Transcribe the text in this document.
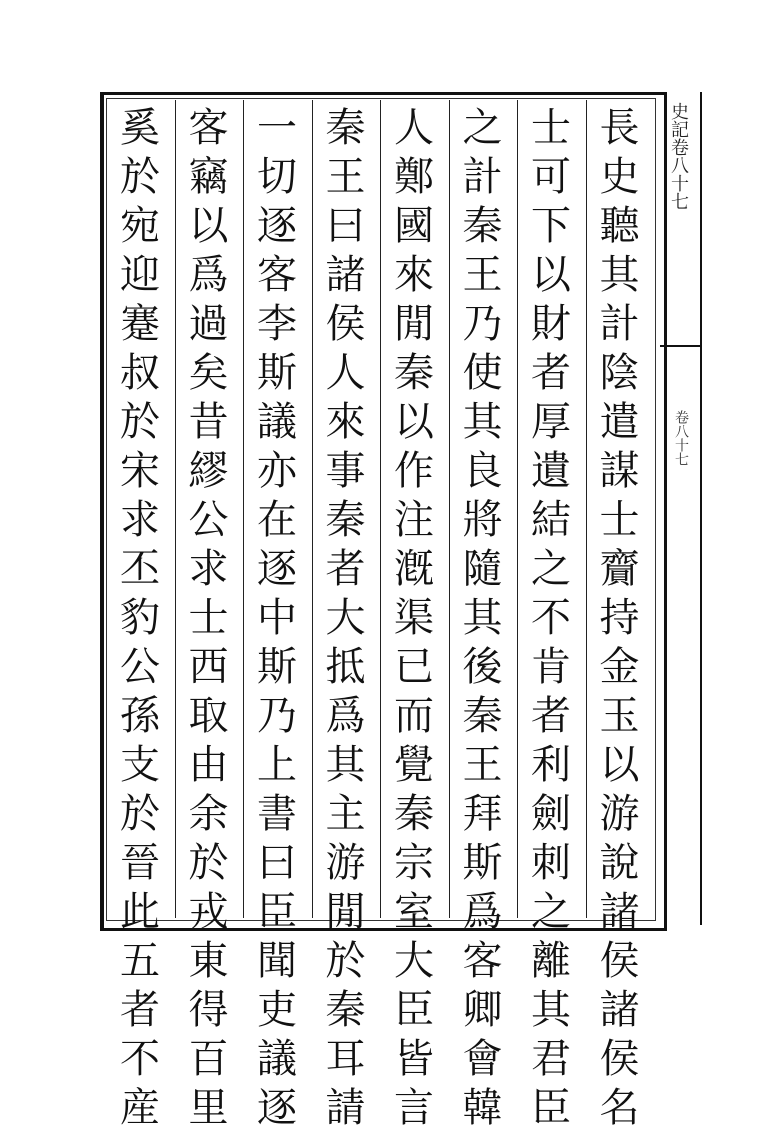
史記卷八十七
卷八十七
長
史
聽
其
計
陰
遣
謀
士
齎
持
金
玉
以
游
說
諸
侯
諸
侯
名
士
可
下
以
財
者
厚
遺
結
之
不
肯
者
利
劍
刺
之
離
其
君
臣
之
計
秦
王
乃
使
其
良
將
隨
其
後
秦
王
拜
斯
爲
客
卿
會
韓
人
鄭
國
來
閒
秦
以
作
注
漑
渠
已
而
覺
秦
宗
室
大
臣
皆
言
秦
王
曰
諸
侯
人
來
事
秦
者
大
抵
爲
其
主
游
閒
於
秦
耳
請
一
切
逐
客
李
斯
議
亦
在
逐
中
斯
乃
上
書
曰
臣
聞
吏
議
逐
客
竊
以
爲
過
矣
昔
繆
公
求
士
西
取
由
余
於
戎
東
得
百
里
奚
於
宛
迎
蹇
叔
於
宋
求
丕
豹
公
孫
支
於
晉
此
五
者
不
産
